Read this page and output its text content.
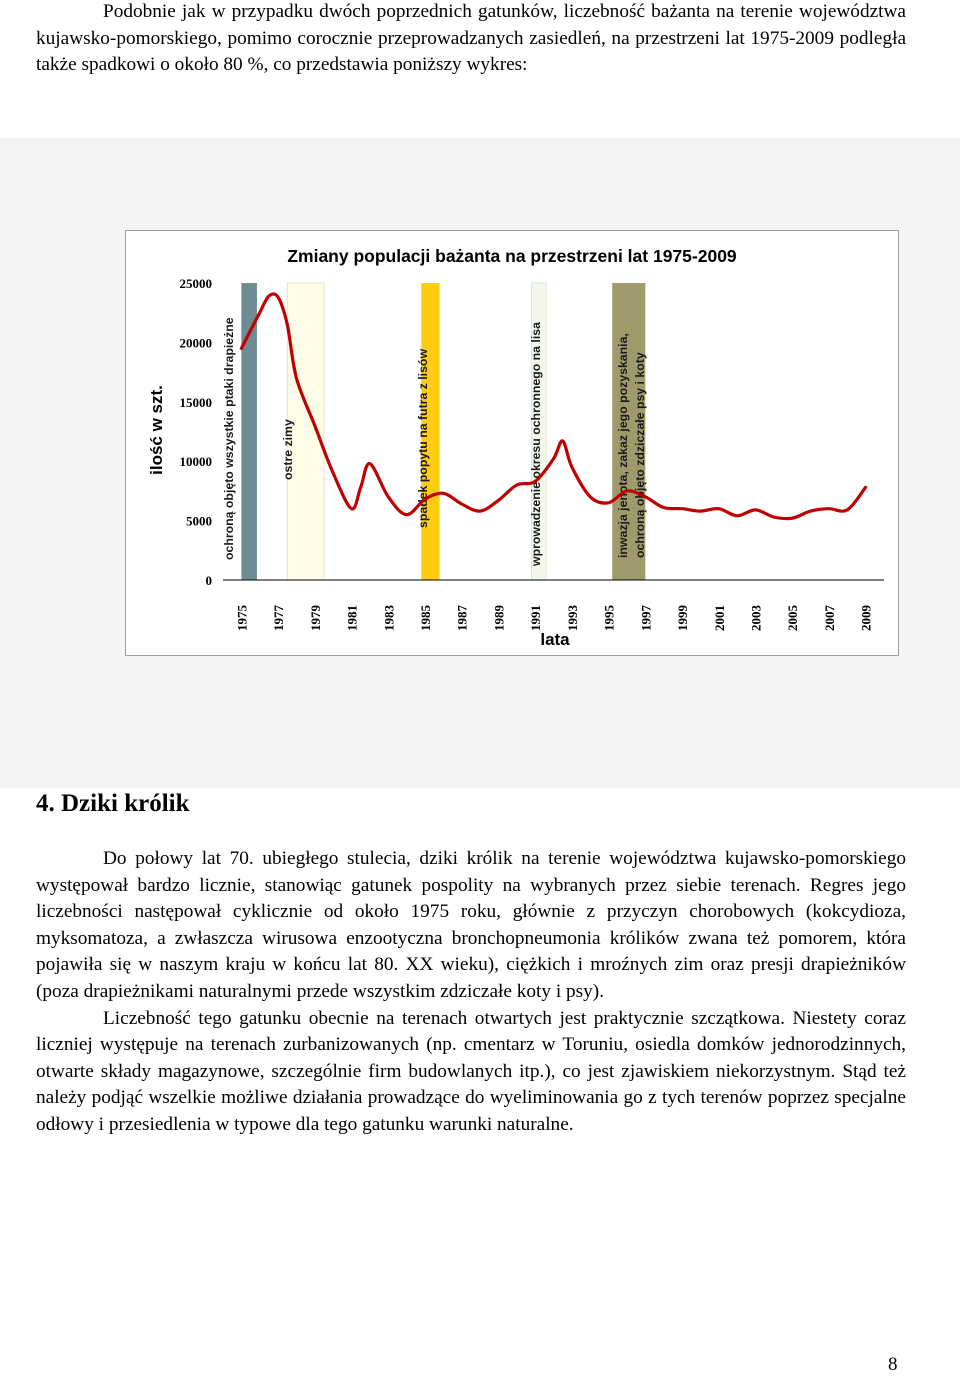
Podobnie jak w przypadku dwóch poprzednich gatunków, liczebność bażanta na terenie województwa kujawsko-pomorskiego, pomimo corocznie przeprowadzanych zasiedleń, na przestrzeni lat 1975-2009 podległa także spadkowi o około 80 %, co przedstawia poniższy wykres:

ochroną objęto wszystkie ptaki drapieżne	ostre zimy	spadek popytu na futra z lisów	wprowadzenie okresu ochronnego na lisa	inwazja jenota, zakaz jego pozyskania, ochroną objęto zdziczałe psy i koty
1975 1977 1979 1981 1983 1985 1987 1989 1991 1993 1995 1997 1999 2001 2003 2005 2007 2009
0
5000
10000
15000
20000
25000
Zmiany populacji bażanta na przestrzeni lat 1975-2009
ilość w szt.
lata
4. Dziki królik

Do połowy lat 70. ubiegłego stulecia, dziki królik na terenie województwa kujawsko-pomorskiego występował bardzo licznie, stanowiąc gatunek pospolity na wybranych przez siebie terenach. Regres jego liczebności następował cyklicznie od około 1975 roku, głównie z przyczyn chorobowych (kokcydioza, myksomatoza, a zwłaszcza wirusowa enzootyczna bronchopneumonia królików zwana też pomorem, która pojawiła się w naszym kraju w końcu lat 80. XX wieku), ciężkich i mroźnych zim oraz presji drapieżników (poza drapieżnikami naturalnymi przede wszystkim zdziczałe koty i psy).

Liczebność tego gatunku obecnie na terenach otwartych jest praktycznie szczątkowa. Niestety coraz liczniej występuje na terenach zurbanizowanych (np. cmentarz w Toruniu, osiedla domków jednorodzinnych, otwarte składy magazynowe, szczególnie firm budowlanych itp.), co jest zjawiskiem niekorzystnym. Stąd też należy podjąć wszelkie możliwe działania prowadzące do wyeliminowania go z tych terenów poprzez specjalne odłowy i przesiedlenia w typowe dla tego gatunku warunki naturalne.

8
